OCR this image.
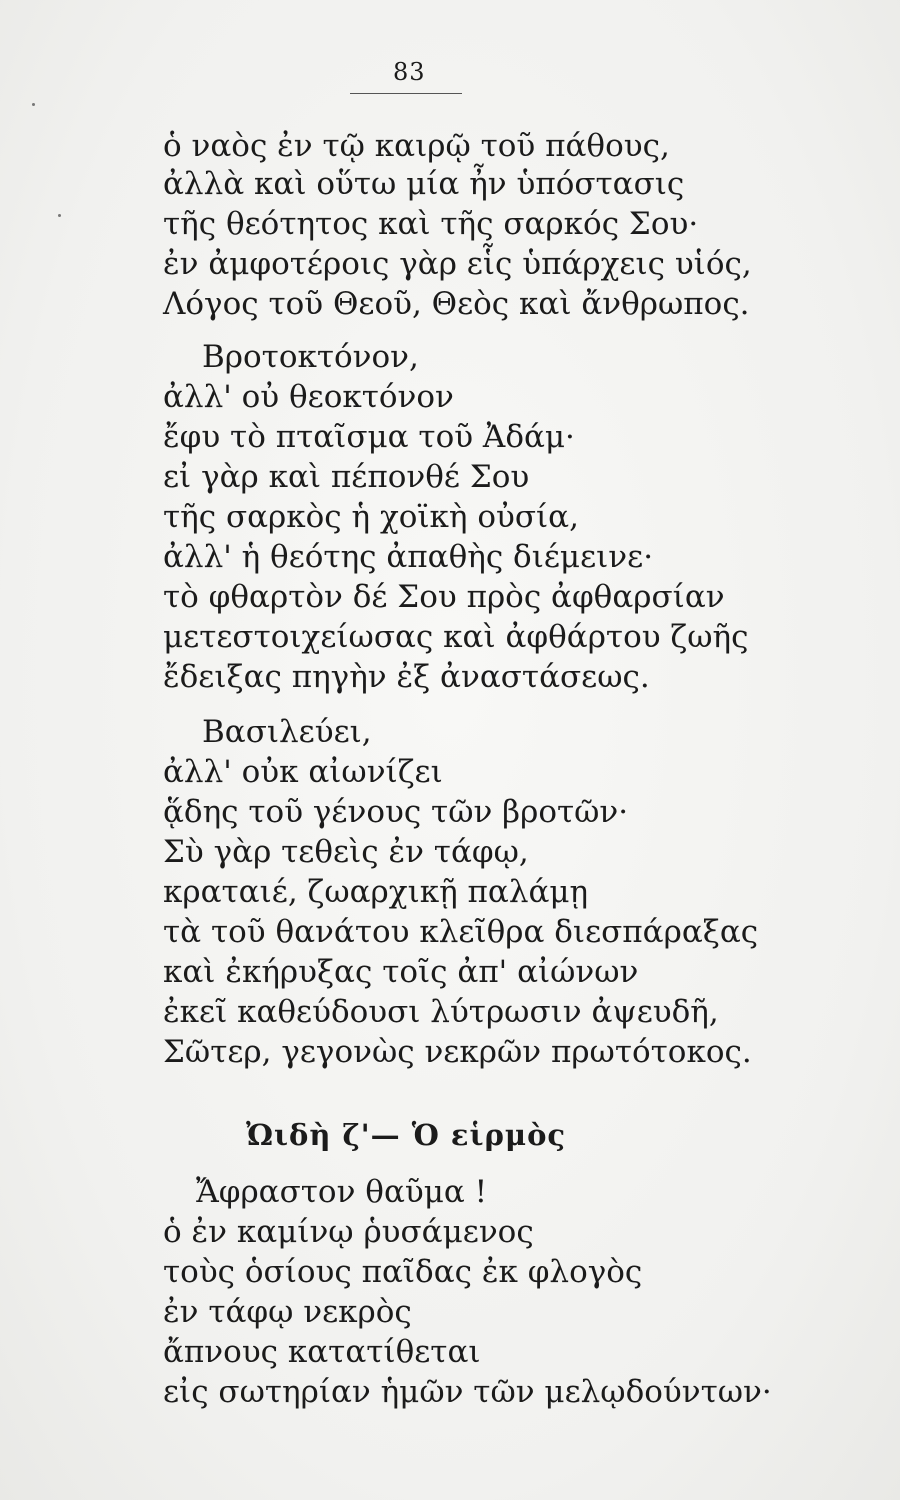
83
ὁ ναὸς ἐν τῷ καιρῷ τοῦ πάθους,
ἀλλὰ καὶ οὕτω μία ἦν ὑπόστασις
τῆς θεότητος καὶ τῆς σαρκός Σου·
ἐν ἀμφοτέροις γὰρ εἷς ὑπάρχεις υἱός,
Λόγος τοῦ Θεοῦ, Θεὸς καὶ ἄνθρωπος.
Βροτοκτόνον,
ἀλλ' οὐ θεοκτόνον
ἔφυ τὸ πταῖσμα τοῦ Ἀδάμ·
εἰ γὰρ καὶ πέπονθέ Σου
τῆς σαρκὸς ἡ χοϊκὴ οὐσία,
ἀλλ' ἡ θεότης ἀπαθὴς διέμεινε·
τὸ φθαρτὸν δέ Σου πρὸς ἀφθαρσίαν
μετεστοιχείωσας καὶ ἀφθάρτου ζωῆς
ἔδειξας πηγὴν ἐξ ἀναστάσεως.
Βασιλεύει,
ἀλλ' οὐκ αἰωνίζει
ᾅδης τοῦ γένους τῶν βροτῶν·
Σὺ γὰρ τεθεὶς ἐν τάφῳ,
κραταιέ, ζωαρχικῇ παλάμῃ
τὰ τοῦ θανάτου κλεῖθρα διεσπάραξας
καὶ ἐκήρυξας τοῖς ἀπ' αἰώνων
ἐκεῖ καθεύδουσι λύτρωσιν ἀψευδῆ,
Σῶτερ, γεγονὼς νεκρῶν πρωτότοκος.
Ὠιδὴ ζ'— Ὁ εἱρμὸς
Ἄφραστον θαῦμα !
ὁ ἐν καμίνῳ ῥυσάμενος
τοὺς ὁσίους παῖδας ἐκ φλογὸς
ἐν τάφῳ νεκρὸς
ἄπνους κατατίθεται
εἰς σωτηρίαν ἡμῶν τῶν μελῳδούντων·
